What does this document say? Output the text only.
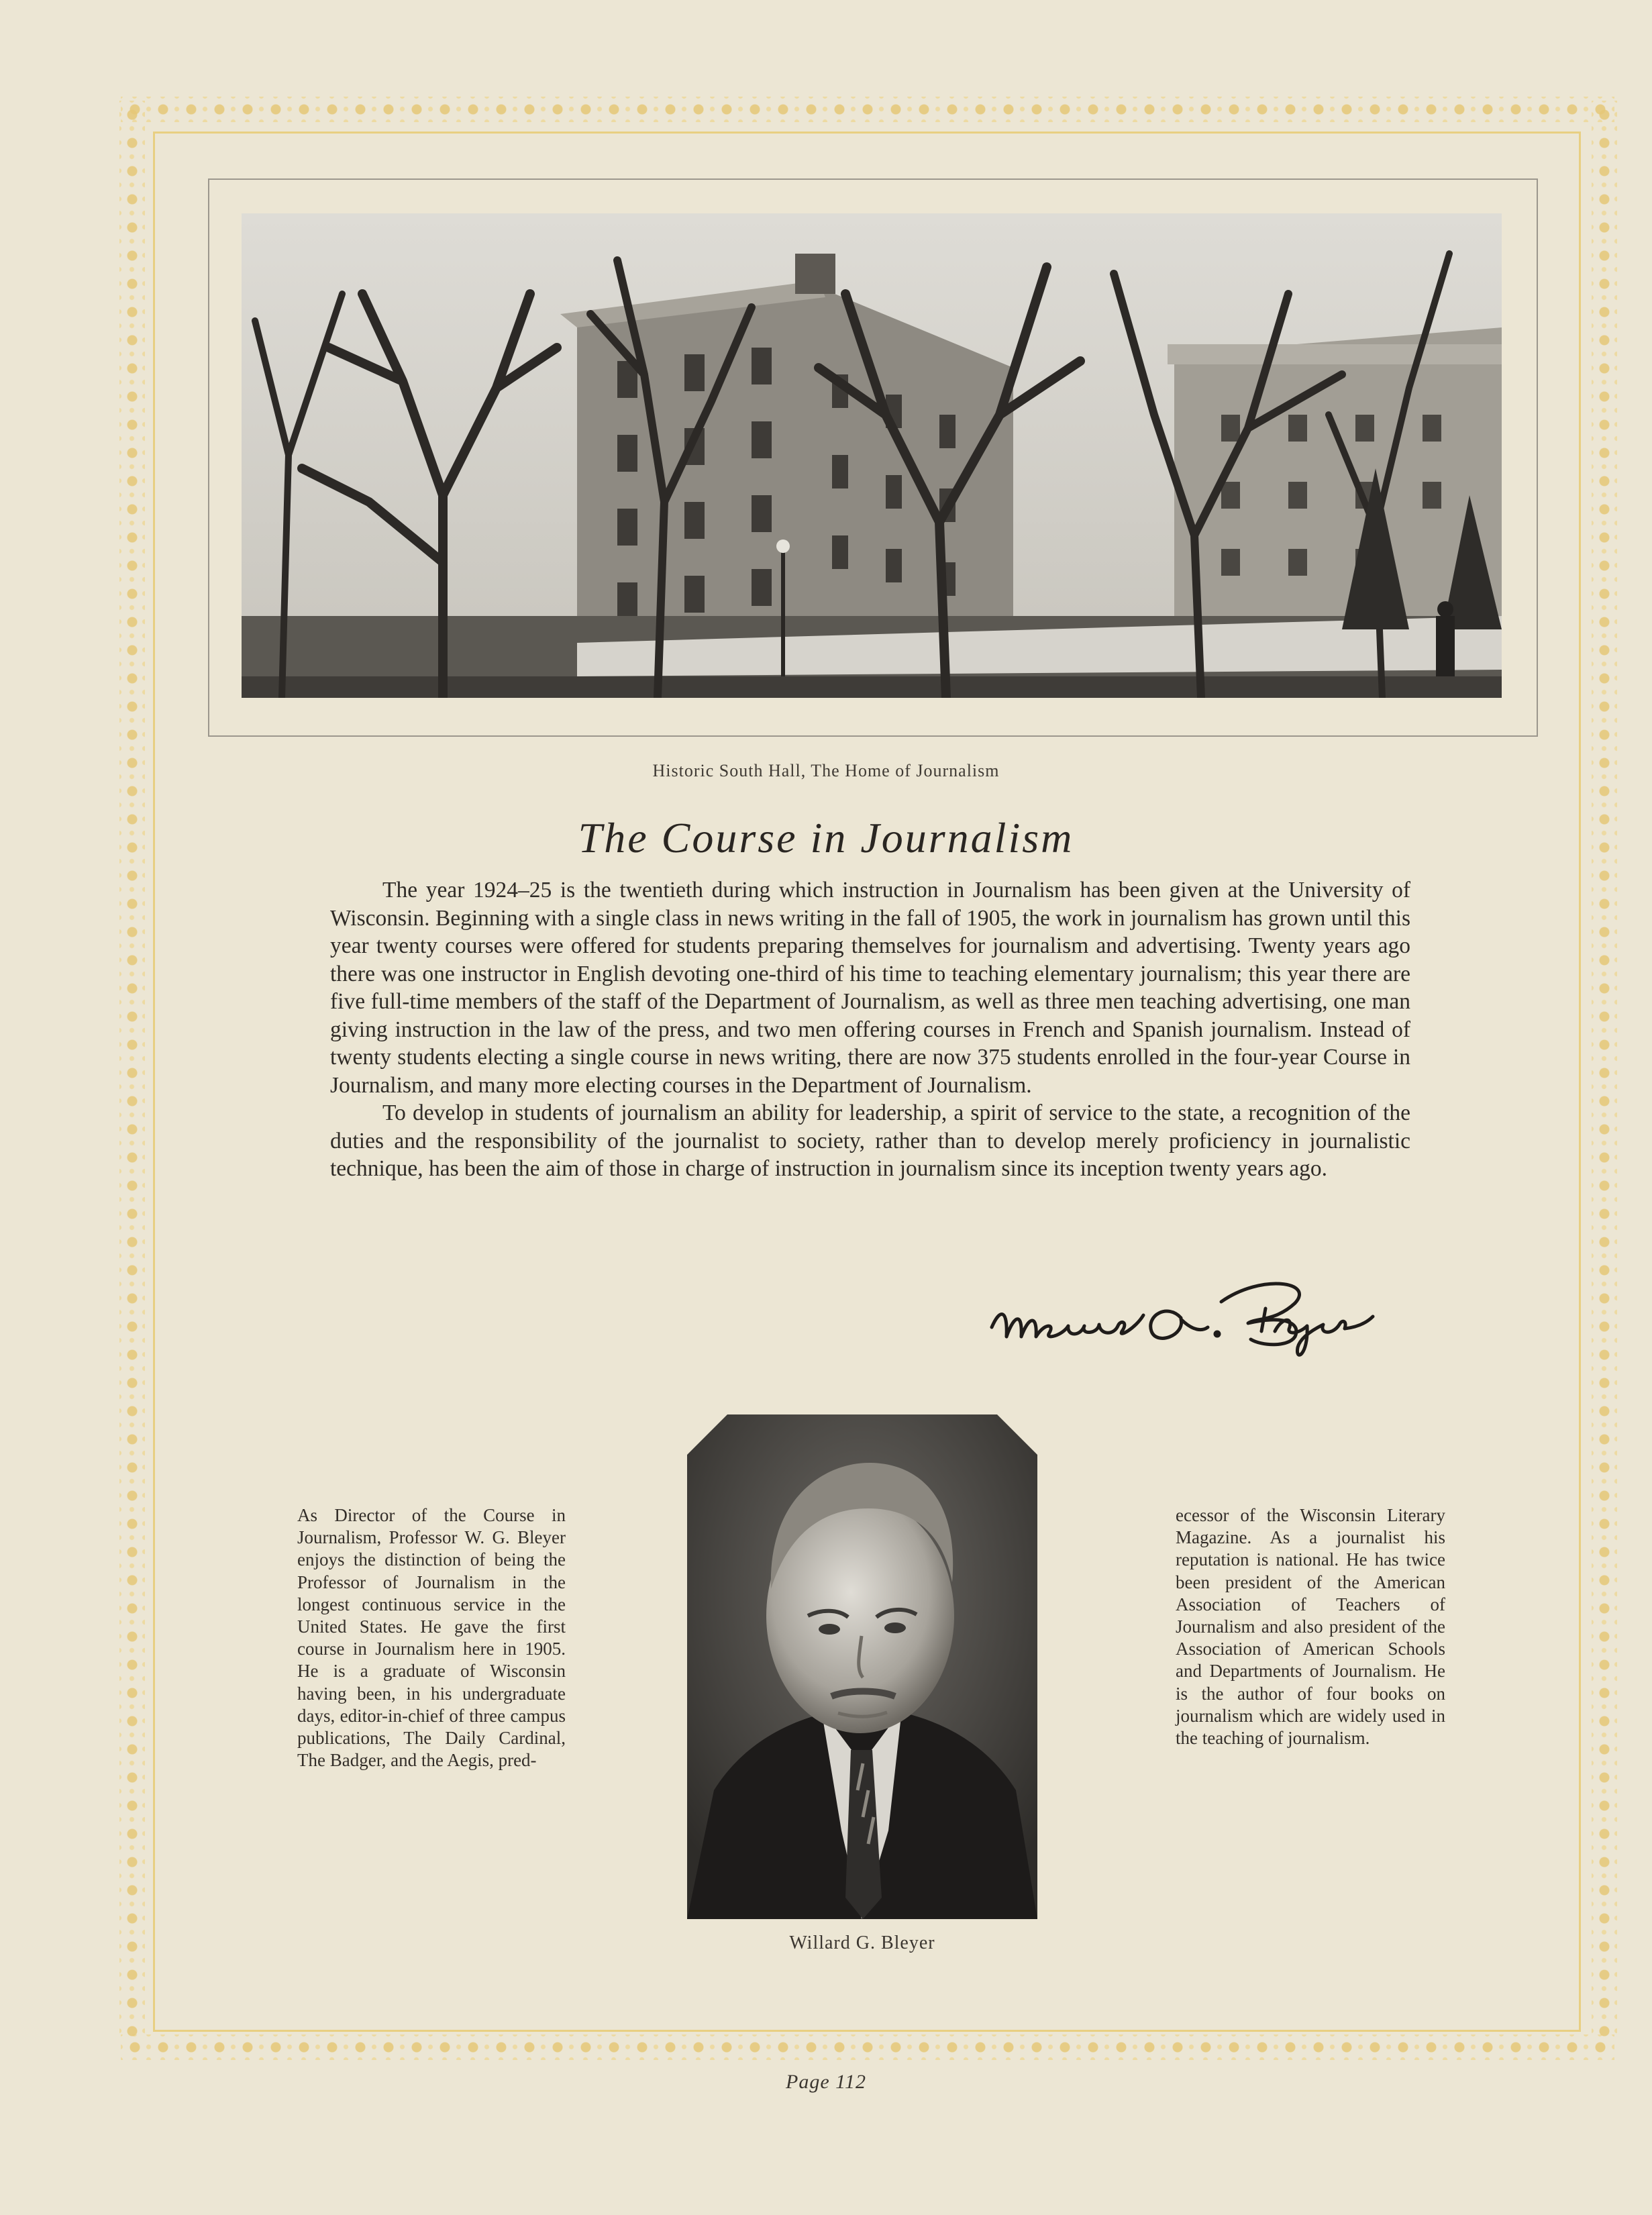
Historic South Hall, The Home of Journalism
The Course in Journalism

The year 1924–25 is the twentieth during which instruction in Journalism has been given at the University of Wisconsin. Beginning with a single class in news writing in the fall of 1905, the work in journalism has grown until this year twenty courses were offered for students preparing themselves for journalism and advertising. Twenty years ago there was one instructor in English devoting one-third of his time to teaching elementary journalism; this year there are five full-time members of the staff of the Department of Journalism, as well as three men teaching advertising, one man giving instruction in the law of the press, and two men offering courses in French and Spanish journalism. Instead of twenty students electing a single course in news writing, there are now 375 students enrolled in the four-year Course in Journalism, and many more electing courses in the Department of Journalism.

To develop in students of journalism an ability for leadership, a spirit of service to the state, a recognition of the duties and the responsibility of the journalist to society, rather than to develop merely proficiency in journalistic technique, has been the aim of those in charge of instruction in journalism since its inception twenty years ago.

Willard G. Bleyer
As Director of the Course in Journalism, Professor W. G. Bleyer enjoys the distinction of being the Professor of Journalism in the longest continuous service in the United States. He gave the first course in Journalism here in 1905. He is a graduate of Wisconsin having been, in his undergraduate days, editor-in-chief of three campus publications, The Daily Cardinal, The Badger, and the Aegis, pred-
ecessor of the Wisconsin Literary Magazine. As a journalist his reputation is national. He has twice been president of the American Association of Teachers of Journalism and also president of the Association of American Schools and Departments of Journalism. He is the author of four books on journalism which are widely used in the teaching of journalism.
Page 112
